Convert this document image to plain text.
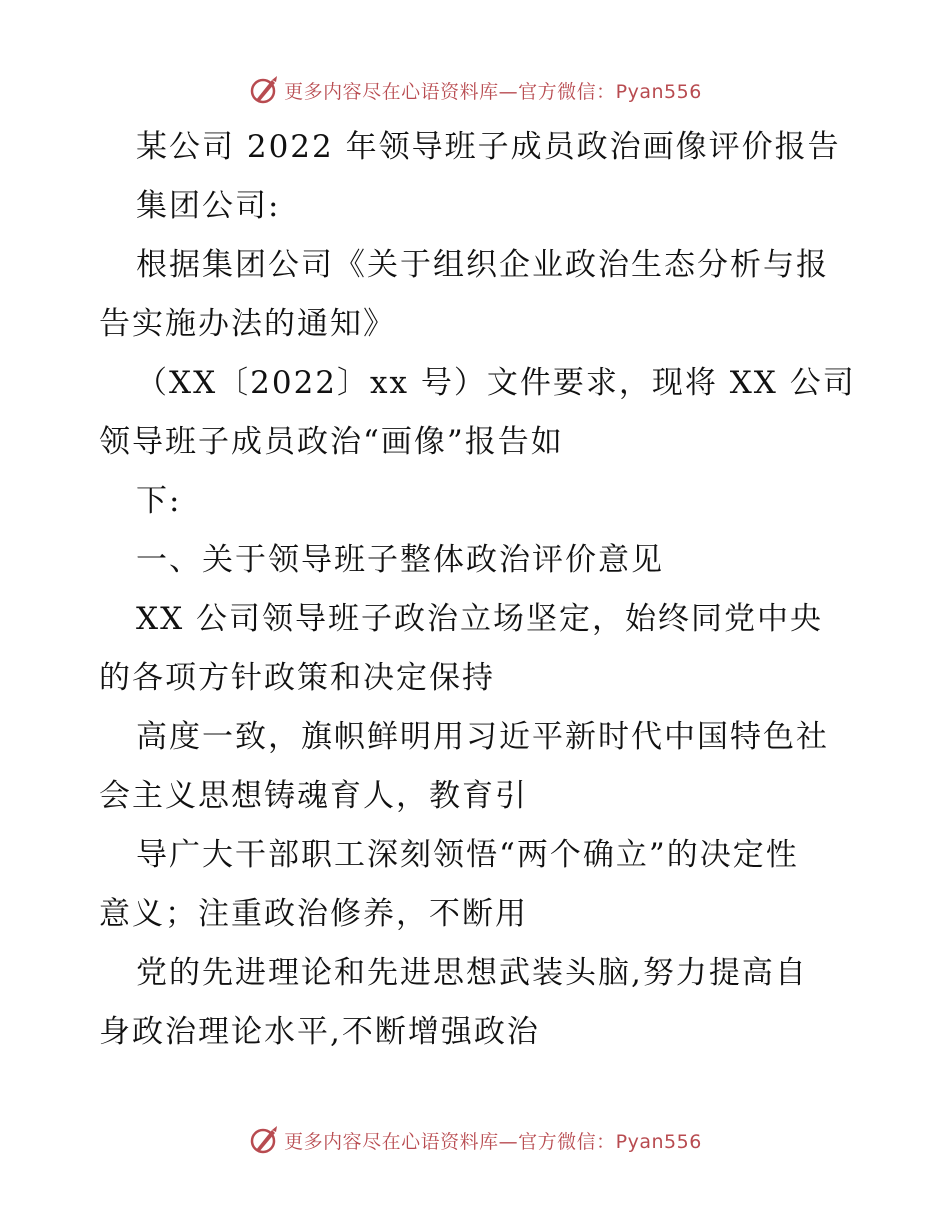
更多内容尽在心语资料库—官方微信：Pyan556
某公司 2022 年领导班子成员政治画像评价报告
集团公司:
根据集团公司《关于组织企业政治生态分析与报
告实施办法的通知》
（XX〔2022〕xx 号）文件要求，现将 XX 公司
领导班子成员政治“画像”报告如
下:
一、关于领导班子整体政治评价意见
XX 公司领导班子政治立场坚定，始终同党中央
的各项方针政策和决定保持
高度一致，旗帜鲜明用习近平新时代中国特色社
会主义思想铸魂育人，教育引
导广大干部职工深刻领悟“两个确立”的决定性
意义；注重政治修养，不断用
党的先进理论和先进思想武装头脑,努力提高自
身政治理论水平,不断增强政治
更多内容尽在心语资料库—官方微信：Pyan556
